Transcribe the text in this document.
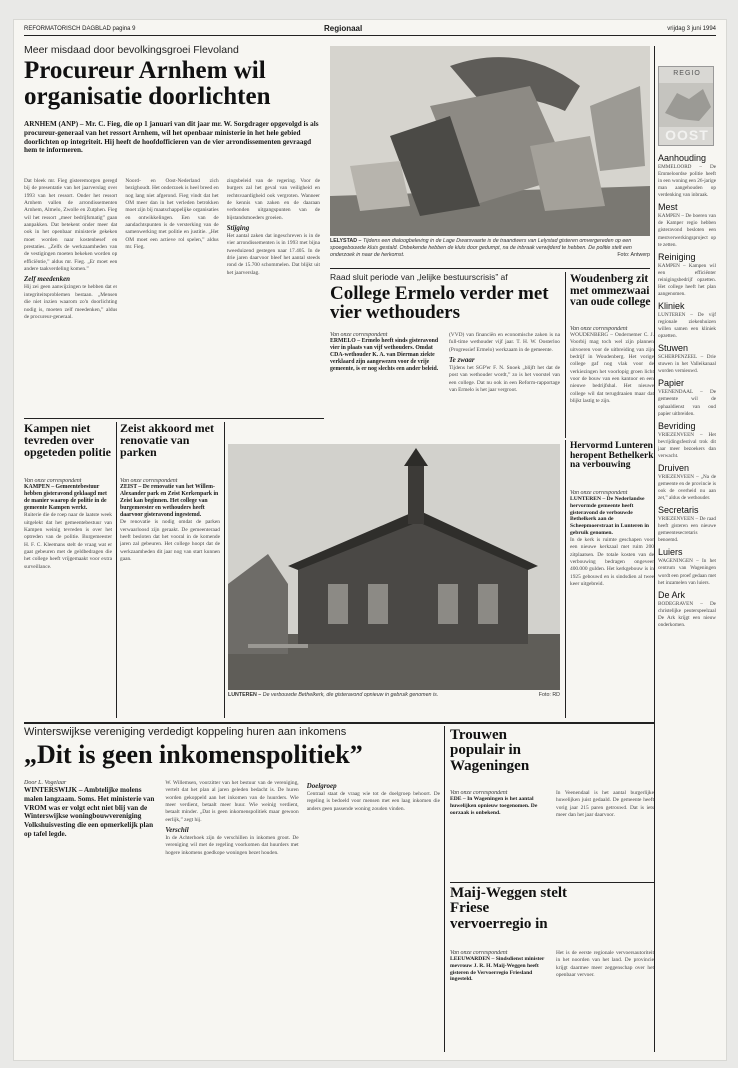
REFORMATORISCH DAGBLAD pagina 9	Regionaal	vrijdag 3 juni 1994
Meer misdaad door bevolkingsgroei Flevoland
Procureur Arnhem wil organisatie doorlichten
ARNHEM (ANP) – Mr. C. Fieg, die op 1 januari van dit jaar mr. W. Sorgdrager opgevolgd is als procureur-generaal van het ressort Arnhem, wil het openbaar ministerie in het hele gebied doorlichten op integriteit. Hij heeft de hoofdofficieren van de vier arrondissementen gevraagd hem te informeren.

Dat bleek mr. Fieg gisteremorgen geregd bij de presentatie van het jaarverslag over 1993 van het ressort. Onder het ressort Arnhem vallen de arrondissementen Arnhem, Almelo, Zwolle en Zutphen. Fieg wil het ressort „meer bedrijfsmatig” gaan aanpakken. Dat betekent onder meer dat ook in het openbaar ministerie gekeken moet worden naar kostenbesef en prestaties. „Zelfs de werkzaamheden van de vestigingen moeten bekeken worden op efficiëntie,” aldus mr. Fieg. „Er moet een andere taakverdeling komen.”

Zelf meedenken

Hij zei geen aanwijzingen te hebben dat er integriteitsproblemen bestaan. „Mensen die niet inzien waarom zo'n doorlichting nodig is, moeten zelf meedenken,” aldus de procureur-generaal.

Noord- en Oost-Nederland zich bezighoudt. Het onderzoek is heel breed en nog lang niet afgerond. Fieg vindt dat het OM meer dan in het verleden betrokken moet zijn bij maatschappelijke organisaties en ontwikkelingen. Een van de aandachtspunten is de versterking van de samenwerking met politie en justitie. „Het OM moet een actieve rol spelen,” aldus mr. Fieg.

zingsbeleid van de regering. Voor de burgers zal het geval van veiligheid en rechtsvaardigheid ook vergroten. Wanneer de kennis van zaken en de daaraan verbonden uitgangspunten van de bijstandsmoeders groeien.

Stijging

Het aantal zaken dat ingeschreven is in de vier arrondissementen is in 1993 met bijna tweeduizend gestegen naar 17.405. In de drie jaren daarvoor bleef het aantal steeds rond de 15.700 schommelen. Dat blijkt uit het jaarverslag.

LELYSTAD – Tijdens een dialoogbeleving in de Lage Dwarsvaarte is de traandwers van Lelystad gisteren omvergereden op een spoegebouwde kluis gestald. Onbekende hebben de kluis door gedumpt, na de inbraak verwijderd te hebben. De politie stelt een onderzoek in naar de herkomst.	Foto: Antwerp
Raad sluit periode van „lelijke bestuurscrisis” af
College Ermelo verder met vier wethouders

Van onze correspondent

ERMELO – Ermelo heeft sinds gisteravond vier in plaats van vijf wethouders. Omdat CDA-wethouder K. A. van Dierman ziekte verklaard zijn aangewezen voor de vrije gemeente, is er nog slechts een ander beleid.

(VVD) van financiën en economische zaken is na full-time wethouder vijf jaar. T. H. W. Oosterloo (Progressief Ermelo) werkzaam in de gemeente.

Te zwaar

Tijdens het SGP'er F. N. Snoek „blijft het dat de post van wethouder wordt,” zo is het voorstel van een college. Dat nu ook in een Reform-rapportage van Ermelo is het jaar vergroot.

Woudenberg zit met ommezwaai van oude college

Van onze correspondent

WOUDENBERG – Ondernemer C. J. Voorbij mag toch wel zijn plannen uitvoeren voor de uitbreiding van zijn bedrijf in Woudenberg. Het vorige college gaf nog vlak voor de verkiezingen het voorlopig groen licht voor de bouw van een kantoor en een nieuwe bedrijfshal. Het nieuwe college wil dat terugdraaien maar dat blijkt lastig te zijn.

Kampen niet tevreden over opgeteden politie

Van onze correspondent

KAMPEN – Gemeentebestuur hebben gisteravond geklaagd met de manier waarop de politie in de gemeente Kampen werkt.

Ruiterie die de roep naar de laatste week uitgelekt dat het gemeentebestuur van Kampen weinig tevreden is over het optreden van de politie. Burgemeester H. F. C. Kleemans stelt de vraag wat er gaat gebeuren met de geldbedragen die het college heeft vrijgemaakt voor extra surveillance.

Zeist akkoord met renovatie van parken

Van onze correspondent

ZEIST – De renovatie van het Willem-Alexander park en Zeist Kerkenpark in Zeist kan beginnen. Het college van burgemeester en wethouders heeft daarvoor gisteravond ingestemd.

De renovatie is nodig omdat de parken verwaarloosd zijn geraakt. De gemeenteraad heeft besloten dat het vooral in de komende jaren zal gebeuren. Het college hoopt dat de werkzaamheden dit jaar nog van start kunnen gaan.

LUNTEREN – De verbouwde Bethelkerk, die gisteravond opnieuw in gebruik genomen is.	Foto: RD
Hervormd Lunteren heropent Bethelkerk na verbouwing

Van onze correspondent

LUNTEREN – De Nederlandse hervormde gemeente heeft gisteravond de verbouwde Bethelkerk aan de Scheepmoerstraat in Lunteren in gebruik genomen.

In de kerk is ruimte geschapen voor een nieuwe kerkzaal met ruim 200 zitplaatsen. De totale kosten van de verbouwing bedragen ongeveer 400.000 gulden. Het kerkgebouw is in 1925 gebouwd en is sindsdien al twee keer uitgebreid.

Winterswijkse vereniging verdedigt koppeling huren aan inkomens
„Dit is geen inkomenspolitiek”

Door L. Vogelaar

WINTERSWIJK – Ambtelijke molens malen langzaam. Soms. Het ministerie van VROM was er volgt echt niet blij van de Winterswijkse woningbouwvereniging Volkshuisvesting die een opmerkelijk plan op tafel legde.

W. Willemsen, voorzitter van het bestuur van de vereniging, vertelt dat het plan al jaren geleden bedacht is. De huren worden gekoppeld aan het inkomen van de huurders. Wie meer verdient, betaalt meer huur. Wie weinig verdient, betaalt minder. „Dat is geen inkomenspolitiek maar gewoon eerlijk,” zegt hij.

Verschil

In de Achterhoek zijn de verschillen in inkomen groot. De vereniging wil met de regeling voorkomen dat huurders met hogere inkomens goedkope woningen bezet houden.

Doelgroep

Centraal staat de vraag wie tot de doelgroep behoort. De regeling is bedoeld voor mensen met een laag inkomen die anders geen passende woning zouden vinden.

Trouwen populair in Wageningen

Van onze correspondent

EDE – In Wageningen is het aantal huwelijken opnieuw toegenomen. De oorzaak is onbekend.

In Veenendaal is het aantal burgerlijke huwelijken juist gedaald. De gemeente heeft vorig jaar 215 paren getrouwd. Dat is iets meer dan het jaar daarvoor.

Maij-Weggen stelt Friese vervoerregio in

Van onze correspondent

LEEUWARDEN – Sindsdienst minister mevrouw J. R. H. Maij-Weggen heeft gisteren de Vervoerregio Friesland ingesteld.

Het is de eerste regionale vervoersautoriteit in het noorden van het land. De provincie krijgt daarmee meer zeggenschap over het openbaar vervoer.

REGIO
OOST
Aanhouding

EMMELOORD – De Emmeloordse politie heeft in een woning een 26-jarige man aangehouden op verdenking van inbraak.

Mest

KAMPEN – De boeren van de Kamper regio hebben gisteravond besloten een mestverwerkingsproject op te zetten.

Reiniging

KAMPEN – Kampen wil een efficiënter reinigingsbedrijf opzetten. Het college heeft het plan aangenomen.

Kliniek

LUNTEREN – De vijf regionale ziekenhuizen willen samen een kliniek opzetten.

Stuwen

SCHERPENZEEL – Drie stuwen in het Valleikanaal worden vernieuwd.

Papier

VEENENDAAL – De gemeente wil de ophaaldienst van oud papier uitbreiden.

Bevriding

VRIEZENVEEN – Het bevrijdingsfestival trok dit jaar meer bezoekers dan verwacht.

Druiven

VRIEZENVEEN – „Na de gemeente en de provincie is ook de overheid nu aan zet,” aldus de wethouder.

Secretaris

VRIEZENVEEN – De raad heeft gisteren een nieuwe gemeentesecretaris benoemd.

Luiers

WAGENINGEN – In het centrum van Wageningen wordt een proef gedaan met het inzamelen van luiers.

De Ark

BODEGRAVEN – De christelijke peuterspeelzaal De Ark krijgt een nieuw onderkomen.
